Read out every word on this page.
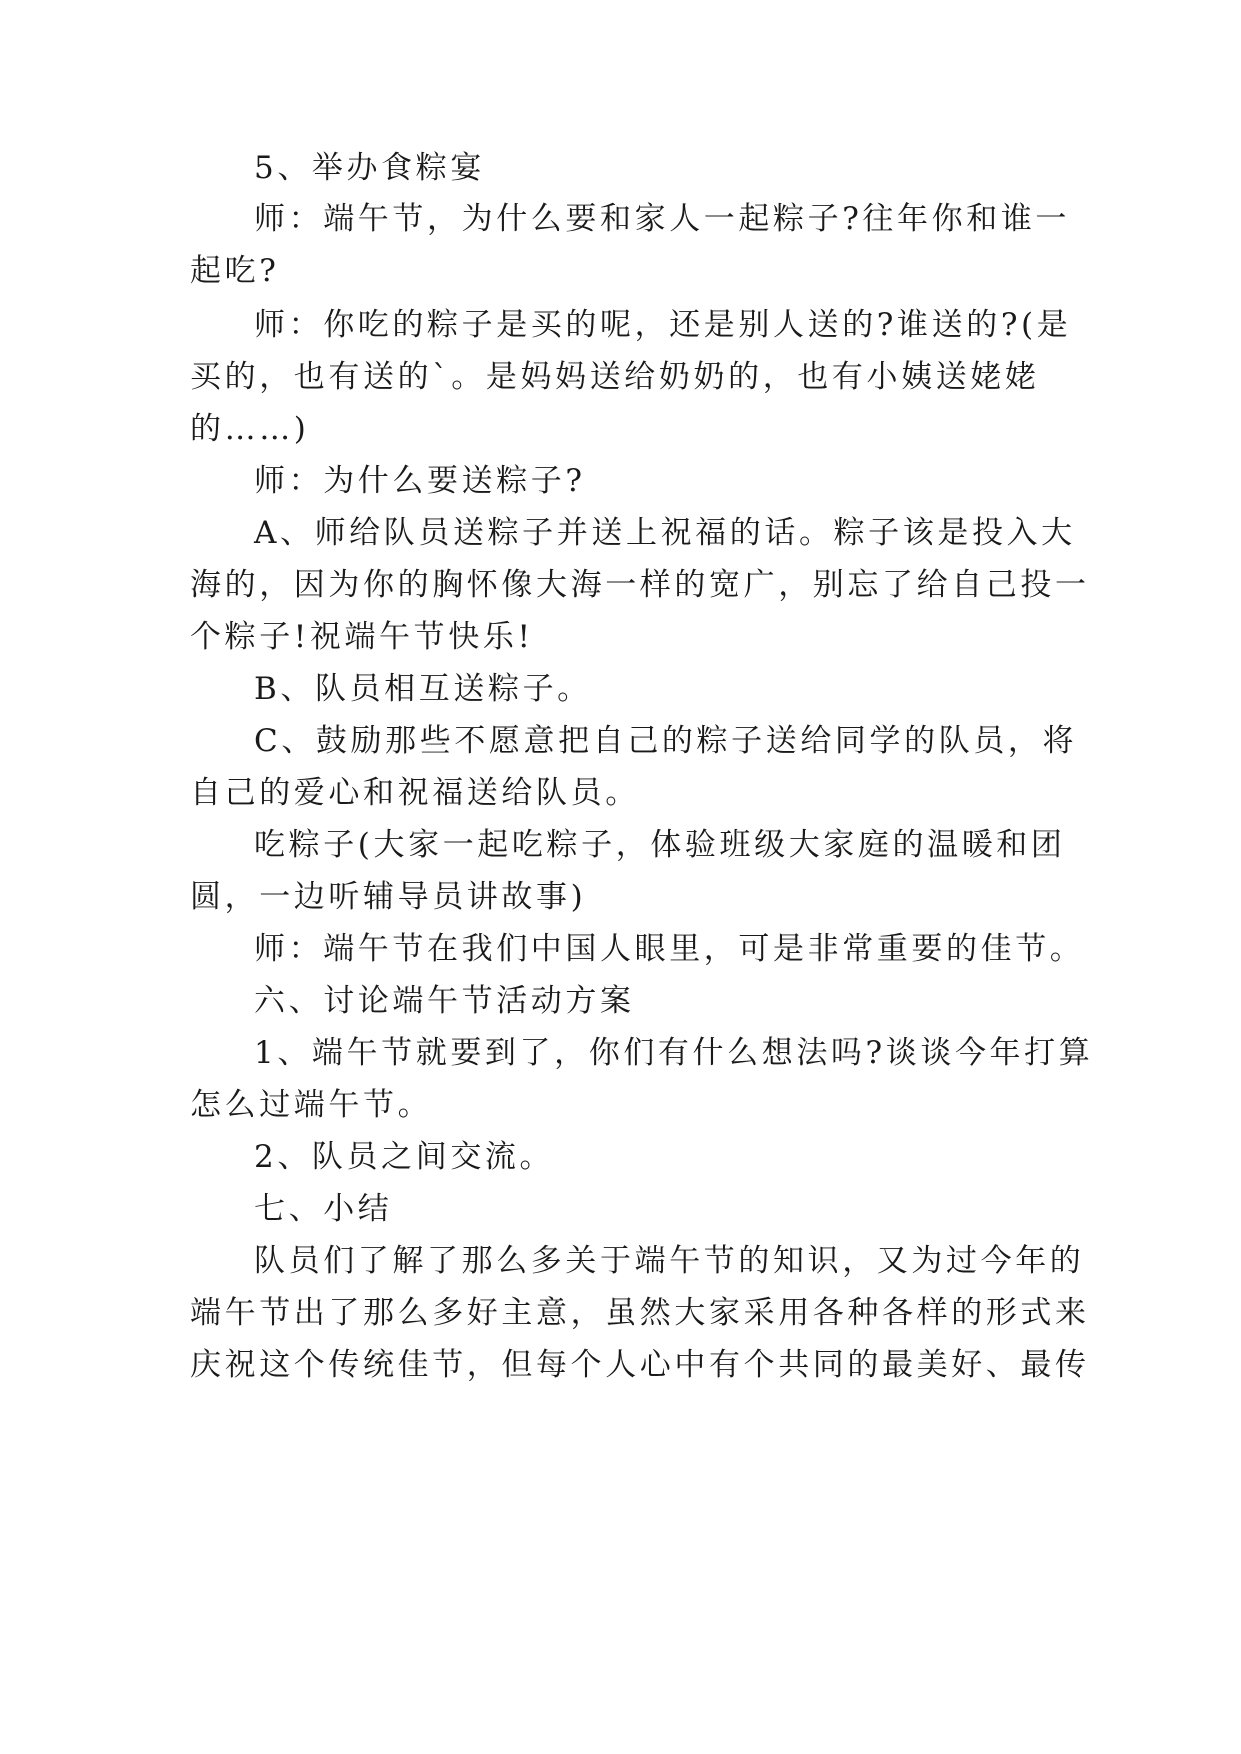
5、举办食粽宴
师：端午节，为什么要和家人一起粽子?往年你和谁一
起吃?
师：你吃的粽子是买的呢，还是别人送的?谁送的?(是
买的，也有送的`。是妈妈送给奶奶的，也有小姨送姥姥
的……)
师：为什么要送粽子?
A、师给队员送粽子并送上祝福的话。粽子该是投入大
海的，因为你的胸怀像大海一样的宽广，别忘了给自己投一
个粽子!祝端午节快乐!
B、队员相互送粽子。
C、鼓励那些不愿意把自己的粽子送给同学的队员，将
自己的爱心和祝福送给队员。
吃粽子(大家一起吃粽子，体验班级大家庭的温暖和团
圆，一边听辅导员讲故事)
师：端午节在我们中国人眼里，可是非常重要的佳节。
六、讨论端午节活动方案
1、端午节就要到了，你们有什么想法吗?谈谈今年打算
怎么过端午节。
2、队员之间交流。
七、小结
队员们了解了那么多关于端午节的知识，又为过今年的
端午节出了那么多好主意，虽然大家采用各种各样的形式来
庆祝这个传统佳节，但每个人心中有个共同的最美好、最传
